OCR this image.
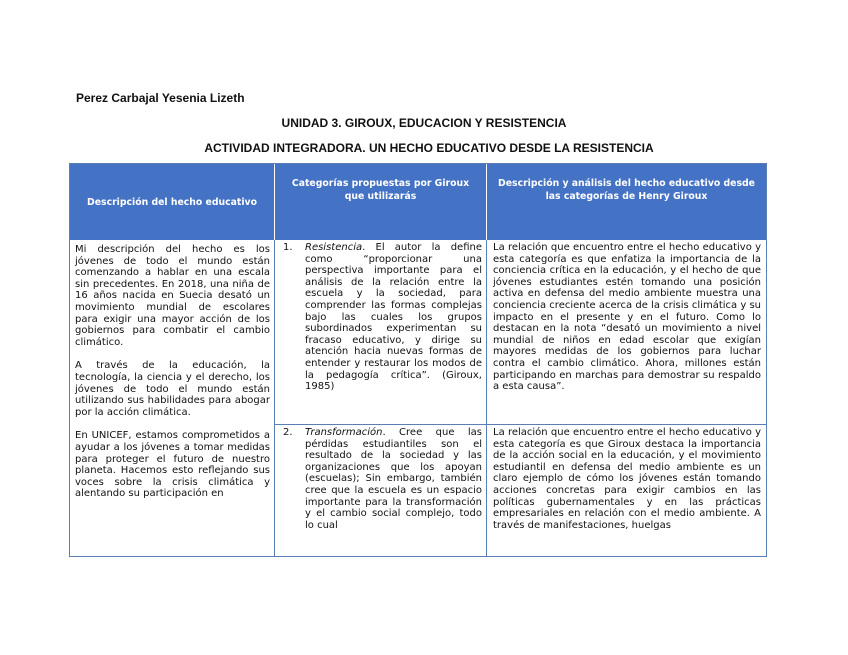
Perez Carbajal Yesenia Lizeth
UNIDAD 3. GIROUX, EDUCACION Y RESISTENCIA
ACTIVIDAD INTEGRADORA. UN HECHO EDUCATIVO DESDE LA RESISTENCIA
Descripción del hecho educativo
Categorías propuestas por Giroux que utilizarás
Descripción y análisis del hecho educativo desde las categorías de Henry Giroux

Mi descripción del hecho es los jóvenes de todo el mundo están comenzando a hablar en una escala sin precedentes. En 2018, una niña de 16 años nacida en Suecia desató un movimiento mundial de escolares para exigir una mayor acción de los gobiernos para combatir el cambio climático.

A través de la educación, la tecnología, la ciencia y el derecho, los jóvenes de todo el mundo están utilizando sus habilidades para abogar por la acción climática.

En UNICEF, estamos comprometidos a ayudar a los jóvenes a tomar medidas para proteger el futuro de nuestro planeta. Hacemos esto reflejando sus voces sobre la crisis climática y alentando su participación en

1.	Resistencia. El autor la define como “proporcionar una perspectiva importante para el análisis de la relación entre la escuela y la sociedad, para comprender las formas complejas bajo las cuales los grupos subordinados experimentan su fracaso educativo, y dirige su atención hacia nuevas formas de entender y restaurar los modos de la pedagogía crítica”. (Giroux, 1985)
La relación que encuentro entre el hecho educativo y esta categoría es que enfatiza la importancia de la conciencia crítica en la educación, y el hecho de que jóvenes estudiantes estén tomando una posición activa en defensa del medio ambiente muestra una conciencia creciente acerca de la crisis climática y su impacto en el presente y en el futuro. Como lo destacan en la nota “desató un movimiento a nivel mundial de niños en edad escolar que exigían mayores medidas de los gobiernos para luchar contra el cambio climático. Ahora, millones están participando en marchas para demostrar su respaldo a esta causa”.
2.	Transformación. Cree que las pérdidas estudiantiles son el resultado de la sociedad y las organizaciones que los apoyan (escuelas); Sin embargo, también cree que la escuela es un espacio importante para la transformación y el cambio social complejo, todo lo cual
La relación que encuentro entre el hecho educativo y esta categoría es que Giroux destaca la importancia de la acción social en la educación, y el movimiento estudiantil en defensa del medio ambiente es un claro ejemplo de cómo los jóvenes están tomando acciones concretas para exigir cambios en las políticas gubernamentales y en las prácticas empresariales en relación con el medio ambiente. A través de manifestaciones, huelgas
